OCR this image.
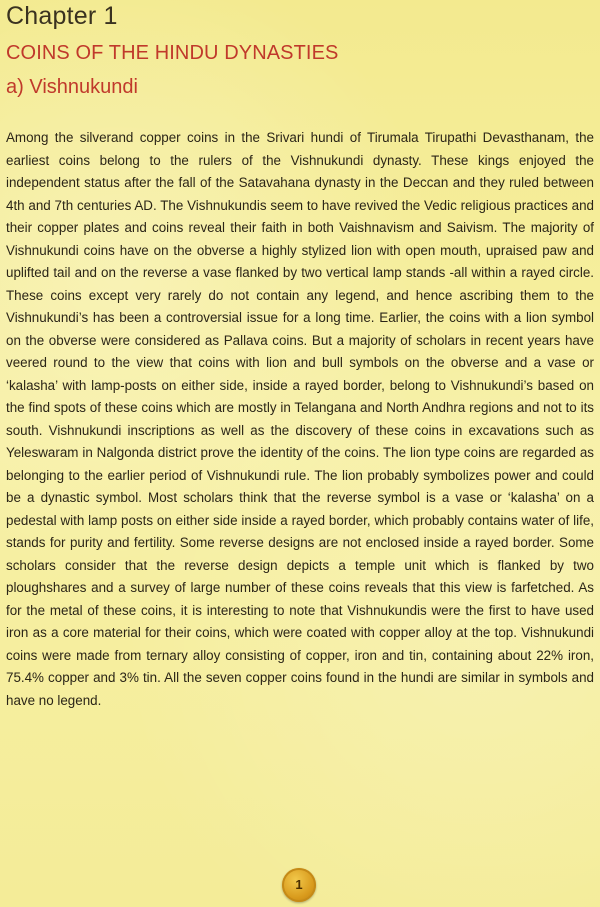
Chapter 1
COINS OF THE HINDU DYNASTIES
a) Vishnukundi

Among the silverand copper coins in the Srivari hundi of Tirumala Tirupathi Devasthanam, the earliest coins belong to the rulers of the Vishnukundi dynasty. These kings enjoyed the independent status after the fall of the Satavahana dynasty in the Deccan and they ruled between 4th and 7th centuries AD. The Vishnukundis seem to have revived the Vedic religious practices and their copper plates and coins reveal their faith in both Vaishnavism and Saivism. The majority of Vishnukundi coins have on the obverse a highly stylized lion with open mouth, upraised paw and uplifted tail and on the reverse a vase flanked by two vertical lamp stands -all within a rayed circle. These coins except very rarely do not contain any legend, and hence ascribing them to the Vishnukundi’s has been a controversial issue for a long time. Earlier, the coins with a lion symbol on the obverse were considered as Pallava coins. But a majority of scholars in recent years have veered round to the view that coins with lion and bull symbols on the obverse and a vase or ‘kalasha’ with lamp-posts on either side, inside a rayed border, belong to Vishnukundi’s based on the find spots of these coins which are mostly in Telangana and North Andhra regions and not to its south. Vishnukundi inscriptions as well as the discovery of these coins in excavations such as Yeleswaram in Nalgonda district prove the identity of the coins. The lion type coins are regarded as belonging to the earlier period of Vishnukundi rule. The lion probably symbolizes power and could be a dynastic symbol. Most scholars think that the reverse symbol is a vase or ‘kalasha’ on a pedestal with lamp posts on either side inside a rayed border, which probably contains water of life, stands for purity and fertility. Some reverse designs are not enclosed inside a rayed border. Some scholars consider that the reverse design depicts a temple unit which is flanked by two ploughshares and a survey of large number of these coins reveals that this view is farfetched. As for the metal of these coins, it is interesting to note that Vishnukundis were the first to have used iron as a core material for their coins, which were coated with copper alloy at the top. Vishnukundi coins were made from ternary alloy consisting of copper, iron and tin, containing about 22% iron, 75.4% copper and 3% tin. All the seven copper coins found in the hundi are similar in symbols and have no legend.

1
